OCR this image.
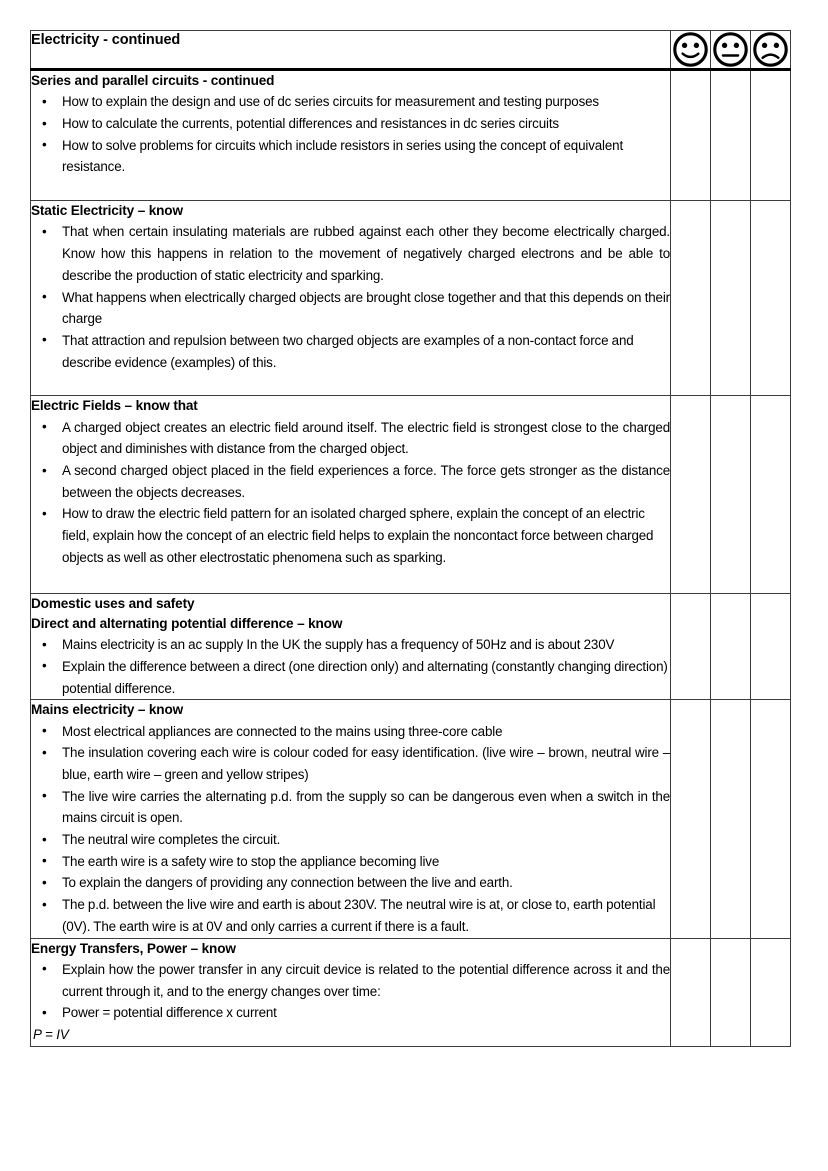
Electricity - continued

Series and parallel circuits - continued
• How to explain the design and use of dc series circuits for measurement and testing purposes
• How to calculate the currents, potential differences and resistances in dc series circuits
• How to solve problems for circuits which include resistors in series using the concept of equivalent resistance.

Static Electricity – know
• That when certain insulating materials are rubbed against each other they become electrically charged. Know how this happens in relation to the movement of negatively charged electrons and be able to describe the production of static electricity and sparking.
• What happens when electrically charged objects are brought close together and that this depends on their charge
• That attraction and repulsion between two charged objects are examples of a non-contact force and describe evidence (examples) of this.

Electric Fields – know that
• A charged object creates an electric field around itself. The electric field is strongest close to the charged object and diminishes with distance from the charged object.
• A second charged object placed in the field experiences a force. The force gets stronger as the distance between the objects decreases.
• How to draw the electric field pattern for an isolated charged sphere, explain the concept of an electric field, explain how the concept of an electric field helps to explain the noncontact force between charged objects as well as other electrostatic phenomena such as sparking.

Domestic uses and safety
Direct and alternating potential difference – know
• Mains electricity is an ac supply In the UK the supply has a frequency of 50Hz and is about 230V
• Explain the difference between a direct (one direction only) and alternating (constantly changing direction) potential difference.

Mains electricity – know
• Most electrical appliances are connected to the mains using three-core cable
• The insulation covering each wire is colour coded for easy identification. (live wire – brown, neutral wire – blue, earth wire – green and yellow stripes)
• The live wire carries the alternating p.d. from the supply so can be dangerous even when a switch in the mains circuit is open.
• The neutral wire completes the circuit.
• The earth wire is a safety wire to stop the appliance becoming live
• To explain the dangers of providing any connection between the live and earth.
• The p.d. between the live wire and earth is about 230V. The neutral wire is at, or close to, earth potential (0V). The earth wire is at 0V and only carries a current if there is a fault.

Energy Transfers, Power – know
• Explain how the power transfer in any circuit device is related to the potential difference across it and the current through it, and to the energy changes over time:
• Power = potential difference x current
P = IV
